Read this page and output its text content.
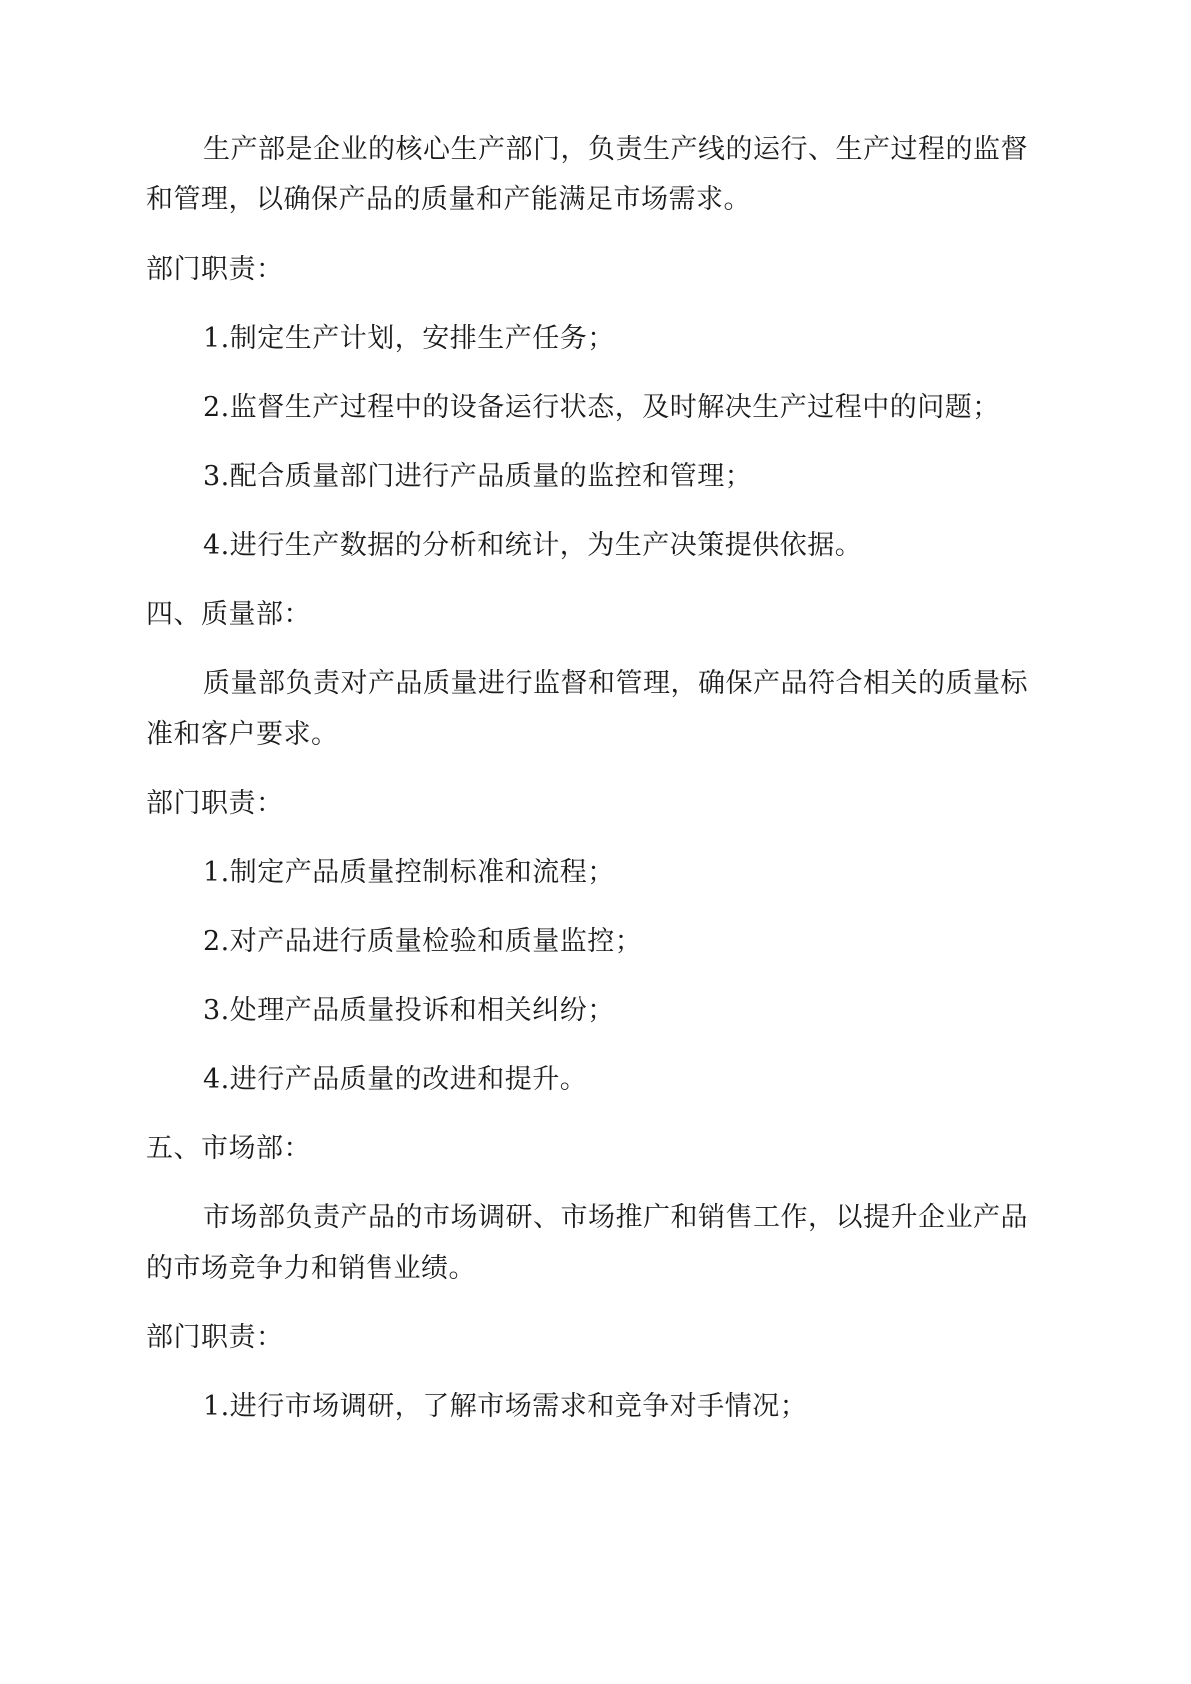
生产部是企业的核心生产部门，负责生产线的运行、生产过程的监督

和管理，以确保产品的质量和产能满足市场需求。

部门职责：

1.制定生产计划，安排生产任务；

2.监督生产过程中的设备运行状态，及时解决生产过程中的问题；

3.配合质量部门进行产品质量的监控和管理；

4.进行生产数据的分析和统计，为生产决策提供依据。

四、质量部：

质量部负责对产品质量进行监督和管理，确保产品符合相关的质量标

准和客户要求。

部门职责：

1.制定产品质量控制标准和流程；

2.对产品进行质量检验和质量监控；

3.处理产品质量投诉和相关纠纷；

4.进行产品质量的改进和提升。

五、市场部：

市场部负责产品的市场调研、市场推广和销售工作，以提升企业产品

的市场竞争力和销售业绩。

部门职责：

1.进行市场调研，了解市场需求和竞争对手情况；
